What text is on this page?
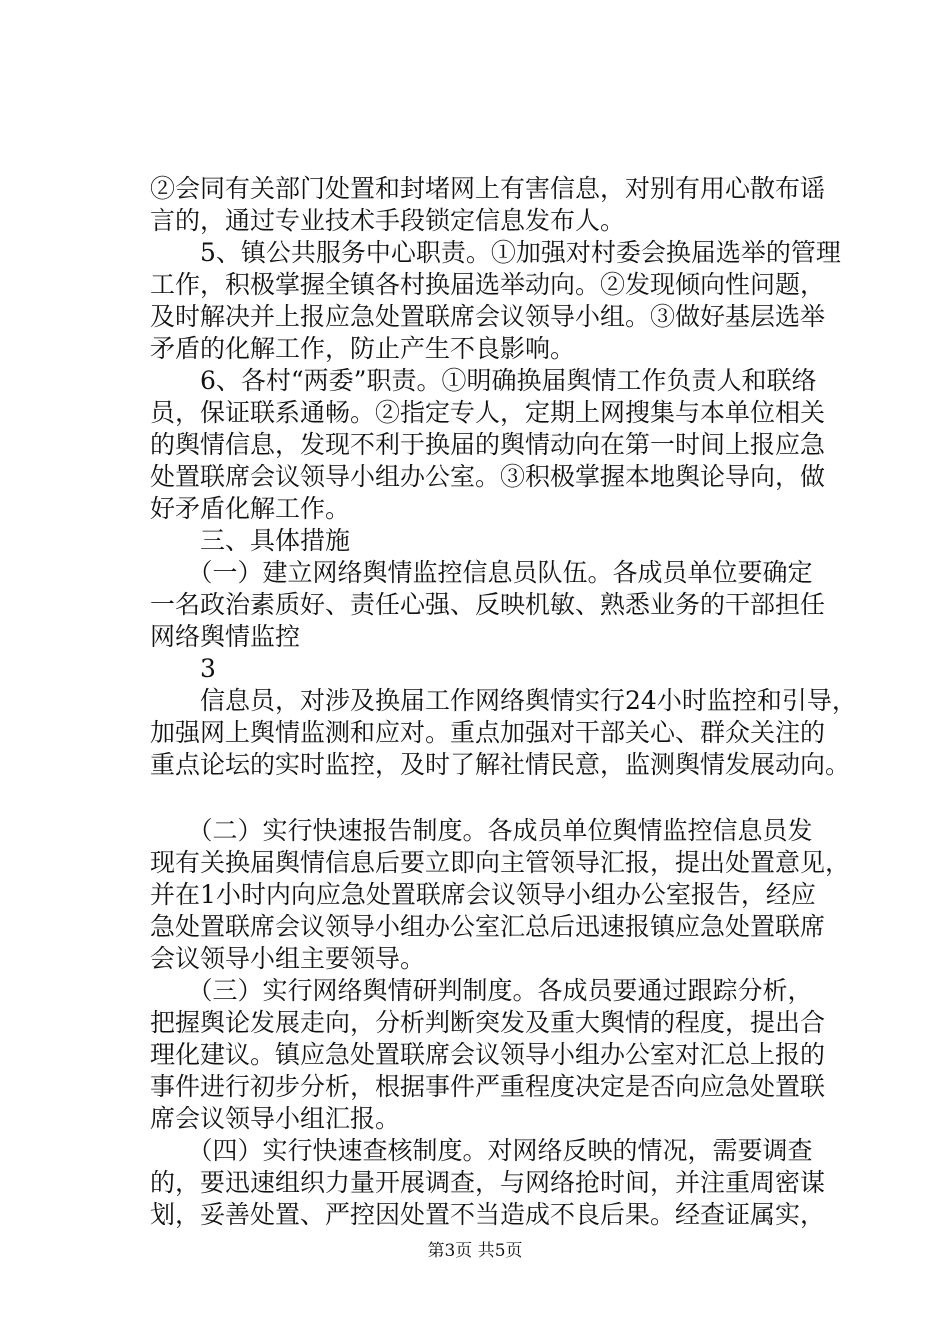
②会同有关部门处置和封堵网上有害信息，对别有用心散布谣

言的，通过专业技术手段锁定信息发布人。

　　5、镇公共服务中心职责。①加强对村委会换届选举的管理

工作，积极掌握全镇各村换届选举动向。②发现倾向性问题，

及时解决并上报应急处置联席会议领导小组。③做好基层选举

矛盾的化解工作，防止产生不良影响。

　　6、各村“两委”职责。①明确换届舆情工作负责人和联络

员，保证联系通畅。②指定专人，定期上网搜集与本单位相关

的舆情信息，发现不利于换届的舆情动向在第一时间上报应急

处置联席会议领导小组办公室。③积极掌握本地舆论导向，做

好矛盾化解工作。

　　三、具体措施

　　（一）建立网络舆情监控信息员队伍。各成员单位要确定

一名政治素质好、责任心强、反映机敏、熟悉业务的干部担任

网络舆情监控

　　3

　　信息员，对涉及换届工作网络舆情实行24小时监控和引导，

加强网上舆情监测和应对。重点加强对干部关心、群众关注的

重点论坛的实时监控，及时了解社情民意，监测舆情发展动向。

　　（二）实行快速报告制度。各成员单位舆情监控信息员发

现有关换届舆情信息后要立即向主管领导汇报，提出处置意见，

并在1小时内向应急处置联席会议领导小组办公室报告，经应

急处置联席会议领导小组办公室汇总后迅速报镇应急处置联席

会议领导小组主要领导。

　　（三）实行网络舆情研判制度。各成员要通过跟踪分析，

把握舆论发展走向，分析判断突发及重大舆情的程度，提出合

理化建议。镇应急处置联席会议领导小组办公室对汇总上报的

事件进行初步分析，根据事件严重程度决定是否向应急处置联

席会议领导小组汇报。

　　（四）实行快速查核制度。对网络反映的情况，需要调查

的，要迅速组织力量开展调查，与网络抢时间，并注重周密谋

划，妥善处置、严控因处置不当造成不良后果。经查证属实，

第3页 共5页
